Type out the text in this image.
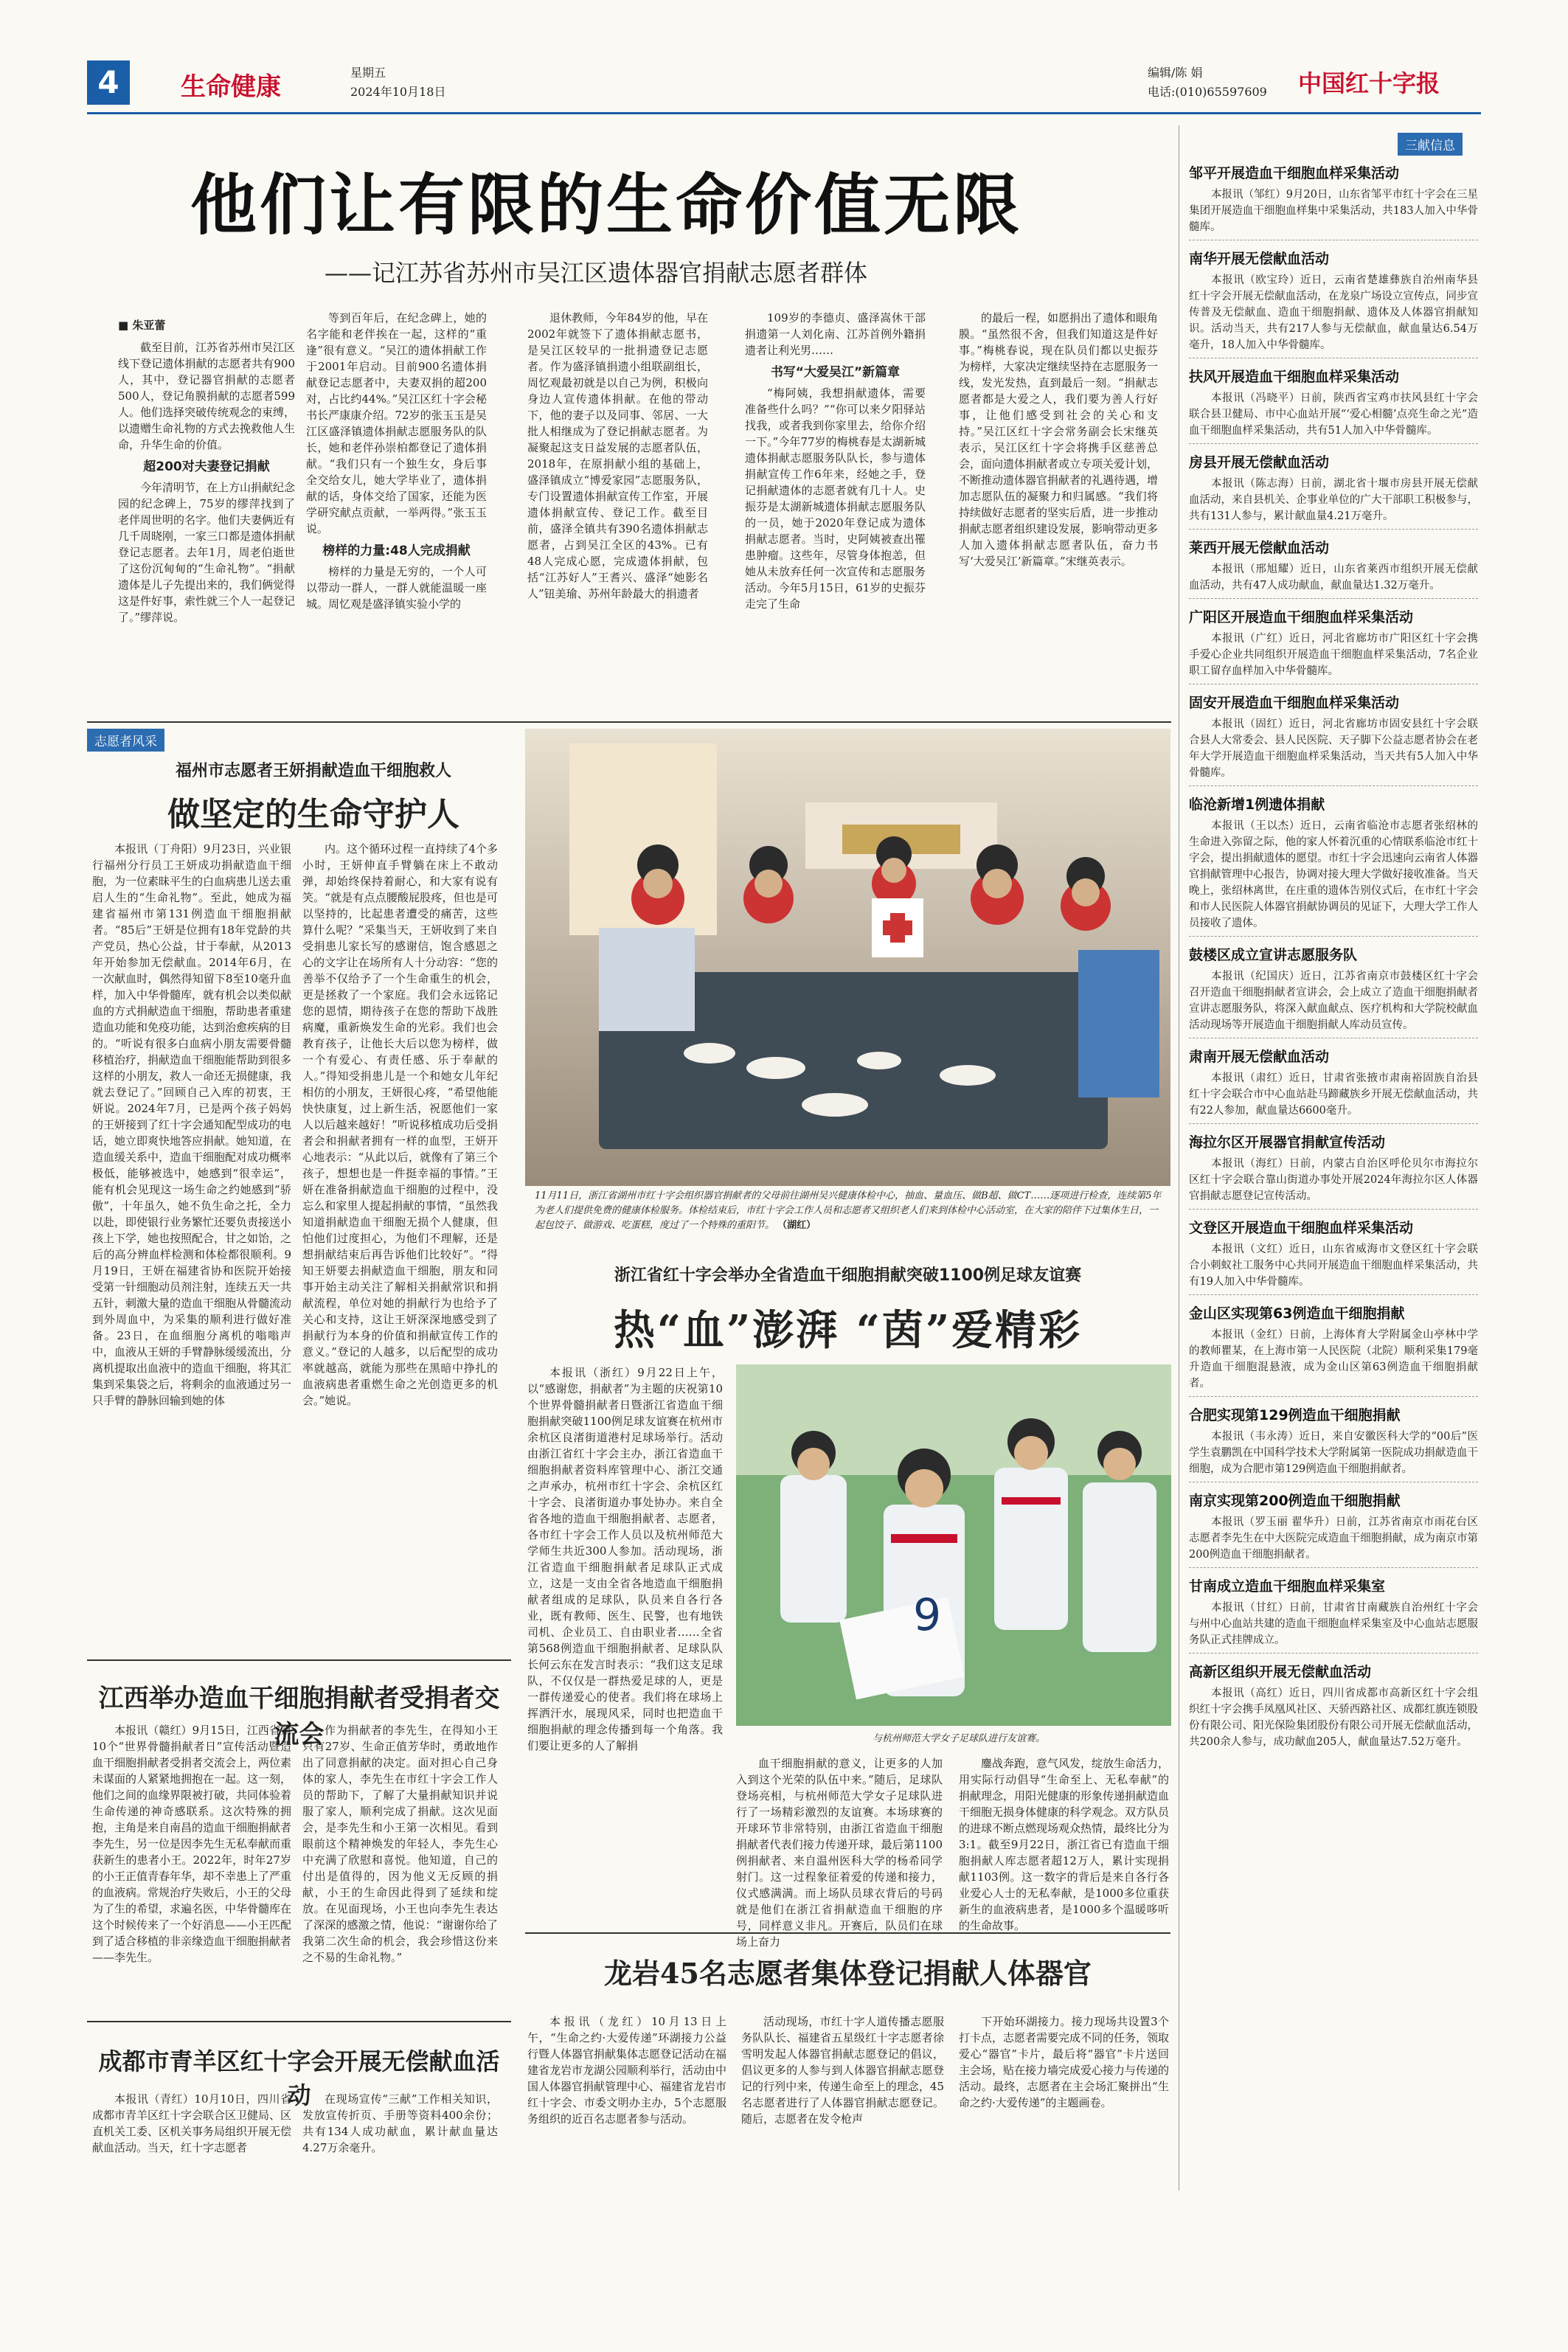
4	生命健康	星期五
2024年10月18日
编辑/陈 娟
电话:(010)65597609 中国红十字报
他们让有限的生命价值无限
——记江苏省苏州市吴江区遗体器官捐献志愿者群体
■ 朱亚蕾

截至目前，江苏省苏州市吴江区线下登记遗体捐献的志愿者共有900人，其中，登记器官捐献的志愿者500人，登记角膜捐献的志愿者599人。他们选择突破传统观念的束缚，以遗赠生命礼物的方式去挽救他人生命，升华生命的价值。

超200对夫妻登记捐献

今年清明节，在上方山捐献纪念园的纪念碑上，75岁的缪萍找到了老伴周世明的名字。他们夫妻俩近有几千周晓刚，一家三口都是遗体捐献登记志愿者。去年1月，周老伯逝世了这份沉甸甸的“生命礼物”。“捐献遗体是儿子先提出来的，我们俩觉得这是件好事，索性就三个人一起登记了。”缪萍说。

等到百年后，在纪念碑上，她的名字能和老伴挨在一起，这样的“重逢”很有意义。“吴江的遗体捐献工作于2001年启动。目前900名遗体捐献登记志愿者中，夫妻双捐的超200对，占比约44%。”吴江区红十字会秘书长严康康介绍。72岁的张玉玉是吴江区盛泽镇遗体捐献志愿服务队的队长，她和老伴孙崇柏都登记了遗体捐献。“我们只有一个独生女，身后事全交给女儿，她大学毕业了，遗体捐献的话，身体交给了国家，还能为医学研究献点贡献，一举两得。”张玉玉说。

榜样的力量:48人完成捐献

榜样的力量是无穷的，一个人可以带动一群人，一群人就能温暖一座城。周忆观是盛泽镇实验小学的

退休教师，今年84岁的他，早在2002年就签下了遗体捐献志愿书，是吴江区较早的一批捐遗登记志愿者。作为盛泽镇捐遗小组联副组长，周忆观最初就是以自己为例，积极向身边人宣传遗体捐献。在他的带动下，他的妻子以及同事、邻居、一大批人相继成为了登记捐献志愿者。为凝聚起这支日益发展的志愿者队伍，2018年，在原捐献小组的基础上，盛泽镇成立“博爱家园”志愿服务队，专门设置遗体捐献宣传工作室，开展遗体捐献宣传、登记工作。截至目前，盛泽全镇共有390名遗体捐献志愿者，占到吴江全区的43%。已有48人完成心愿，完成遗体捐献，包括“江苏好人”王耆兴、盛泽“她影名人”钮美瑜、苏州年龄最大的捐遗者

109岁的李德贞、盛泽嵩休干部捐遗第一人刘化南、江苏首例外籍捐遗者让利光男……

书写“大爱吴江”新篇章

“梅阿姨，我想捐献遗体，需要准备些什么吗？”“你可以来夕阳驿站找我，或者我到你家里去，给你介绍一下。”今年77岁的梅桃春是太湖新城遗体捐献志愿服务队队长，参与遗体捐献宣传工作6年来，经她之手，登记捐献遗体的志愿者就有几十人。史振芬是太湖新城遗体捐献志愿服务队的一员，她于2020年登记成为遗体捐献志愿者。当时，史阿姨被查出罹患肿瘤。这些年，尽管身体抱恙，但她从未放弃任何一次宣传和志愿服务活动。今年5月15日，61岁的史振芬走完了生命

的最后一程，如愿捐出了遗体和眼角膜。“虽然很不舍，但我们知道这是件好事。”梅桃春说，现在队员们都以史振芬为榜样，大家决定继续坚持在志愿服务一线，发光发热，直到最后一刻。“捐献志愿者都是大爱之人，我们要为善人行好事，让他们感受到社会的关心和支持。”吴江区红十字会常务副会长宋继英表示，吴江区红十字会将携手区慈善总会，面向遗体捐献者或立专项关爱计划，不断推动遗体器官捐献者的礼遇待遇，增加志愿队伍的凝聚力和归属感。“我们将持续做好志愿者的坚实后盾，进一步推动捐献志愿者组织建设发展，影响带动更多人加入遗体捐献志愿者队伍，奋力书写‘大爱吴江’新篇章。”宋继英表示。

志愿者风采
福州市志愿者王妍捐献造血干细胞救人
做坚定的生命守护人

本报讯（丁舟阳）9月23日，兴业银行福州分行员工王妍成功捐献造血干细胞，为一位素昧平生的白血病患儿送去重启人生的“生命礼物”。至此，她成为福建省福州市第131例造血干细胞捐献者。“85后”王妍是位拥有18年党龄的共产党员，热心公益，甘于奉献，从2013年开始参加无偿献血。2014年6月，在一次献血时，偶然得知留下8至10毫升血样，加入中华骨髓库，就有机会以类似献血的方式捐献造血干细胞，帮助患者重建造血功能和免疫功能，达到治愈疾病的目的。“听说有很多白血病小朋友需要骨髓移植治疗，捐献造血干细胞能帮助到很多这样的小朋友，救人一命还无损健康，我就去登记了。”回顾自己入库的初衷，王妍说。2024年7月，已是两个孩子妈妈的王妍接到了红十字会通知配型成功的电话，她立即爽快地答应捐献。她知道，在造血缓关系中，造血干细胞配对成功概率极低，能够被选中，她感到“很幸运”，能有机会见现这一场生命之约她感到“骄傲”，十年虽久，她不负生命之托，全力以赴，即使银行业务繁忙还要负责接送小孩上下学，她也按照配合，甘之如饴，之后的高分辨血样检测和体检都很顺利。9月19日，王妍在福建省协和医院开始接受第一针细胞动员剂注射，连续五天一共五针，刺激大量的造血干细胞从骨髓流动到外周血中，为采集的顺利进行做好准备。23日，在血细胞分离机的嗡嗡声中，血液从王妍的手臂静脉缓缓流出，分离机提取出血液中的造血干细胞，将其汇集到采集袋之后，将剩余的血液通过另一只手臂的静脉回输到她的体

内。这个循环过程一直持续了4个多小时，王妍伸直手臂躺在床上不敢动弹，却始终保持着耐心，和大家有说有笑。“就是有点点腰酸屁股疼，但也是可以坚持的，比起患者遭受的痛苦，这些算什么呢？”采集当天，王妍收到了来自受捐患儿家长写的感谢信，饱含感恩之心的文字让在场所有人十分动容：“您的善举不仅给予了一个生命重生的机会，更是拯救了一个家庭。我们会永远铭记您的恩情，期待孩子在您的帮助下战胜病魔，重新焕发生命的光彩。我们也会教育孩子，让他长大后以您为榜样，做一个有爱心、有责任感、乐于奉献的人。”得知受捐患儿是一个和她女儿年纪相仿的小朋友，王妍很心疼，“希望他能快快康复，过上新生活，祝愿他们一家人以后越来越好！”听说移植成功后受捐者会和捐献者拥有一样的血型，王妍开心地表示：“从此以后，就像有了第三个孩子，想想也是一件挺幸福的事情。”王妍在准备捐献造血干细胞的过程中，没忘么和家里人提起捐献的事情，“虽然我知道捐献造血干细胞无损个人健康，但怕他们过度担心，为他们不理解，还是想捐献结束后再告诉他们比较好”。“得知王妍要去捐献造血干细胞，朋友和同事开始主动关注了解相关捐献常识和捐献流程，单位对她的捐献行为也给予了关心和支持，这让王妍深深地感受到了捐献行为本身的价值和捐献宣传工作的意义。”登记的人越多，以后配型的成功率就越高，就能为那些在黑暗中挣扎的血液病患者重燃生命之光创造更多的机会。”她说。

11月11日，浙江省湖州市红十字会组织器官捐献者的父母前往湖州吴兴健康体检中心，抽血、量血压、做B超、做CT……逐项进行检查，连续第5年为老人们提供免费的健康体检服务。体检结束后，市红十字会工作人员和志愿者又组织老人们来到体检中心活动室，在大家的陪伴下过集体生日，一起包饺子、做游戏、吃蛋糕，度过了一个特殊的重阳节。 （湖红）
浙江省红十字会举办全省造血干细胞捐献突破1100例足球友谊赛
热“血”澎湃 “茵”爱精彩

本报讯（浙红）9月22日上午，以“感谢您，捐献者”为主题的庆祝第10个世界骨髓捐献者日暨浙江省造血干细胞捐献突破1100例足球友谊赛在杭州市余杭区良渚街道港村足球场举行。活动由浙江省红十字会主办，浙江省造血干细胞捐献者资料库管理中心、浙江交通之声承办，杭州市红十字会、余杭区红十字会、良渚街道办事处协办。来自全省各地的造血干细胞捐献者、志愿者，各市红十字会工作人员以及杭州师范大学师生共近300人参加。活动现场，浙江省造血干细胞捐献者足球队正式成立，这是一支由全省各地造血干细胞捐献者组成的足球队，队员来自各行各业，既有教师、医生、民警，也有地铁司机、企业员工、自由职业者……全省第568例造血干细胞捐献者、足球队队长何云东在发言时表示：“我们这支足球队，不仅仅是一群热爱足球的人，更是一群传递爱心的使者。我们将在球场上挥洒汗水，展现风采，同时也把造血干细胞捐献的理念传播到每一个角落。我们要让更多的人了解捐

9
与杭州师范大学女子足球队进行友谊赛。

血干细胞捐献的意义，让更多的人加入到这个光荣的队伍中来。”随后，足球队登场亮相，与杭州师范大学女子足球队进行了一场精彩激烈的友谊赛。本场球赛的开球环节非常特别，由浙江省造血干细胞捐献者代表们接力传递开球，最后第1100例捐献者、来自温州医科大学的杨希同学射门。这一过程象征着爱的传递和接力，仪式感满满。而上场队员球衣背后的号码就是他们在浙江省捐献造血干细胞的序号，同样意义非凡。开赛后，队员们在球场上奋力

鏖战奔跑，意气风发，绽放生命活力，用实际行动倡导“生命至上、无私奉献”的捐献理念，用阳光健康的形象传递捐献造血干细胞无损身体健康的科学观念。双方队员的进球不断点燃现场观众热情，最终比分为3:1。截至9月22日，浙江省已有造血干细胞捐献人库志愿者超12万人，累计实现捐献1103例。这一数字的背后是来自各行各业爱心人士的无私奉献，是1000多位重获新生的血液病患者，是1000多个温暖哆听的生命故事。

江西举办造血干细胞捐献者受捐者交流会

本报讯（赣红）9月15日，江西省第10个“世界骨髓捐献者日”宣传活动暨造血干细胞捐献者受捐者交流会上，两位素未谋面的人紧紧地拥抱在一起。这一刻，他们之间的血缘界限被打破，共同体验着生命传递的神奇感联系。这次特殊的拥抱，主角是来自南昌的造血干细胞捐献者李先生，另一位是因李先生无私奉献而重获新生的患者小王。2022年，时年27岁的小王正值青春年华，却不幸患上了严重的血液病。常规治疗失败后，小王的父母为了生的希望，求遍名医，中华骨髓库在这个时候传来了一个好消息——小王匹配到了适合移植的非亲缘造血干细胞捐献者——李先生。

作为捐献者的李先生，在得知小王只有27岁、生命正值芳华时，勇敢地作出了同意捐献的决定。面对担心自己身体的家人，李先生在市红十字会工作人员的帮助下，了解了大量捐献知识并说服了家人，顺利完成了捐献。这次见面会，是李先生和小王第一次相见。看到眼前这个精神焕发的年轻人，李先生心中充满了欣慰和喜悦。他知道，自己的付出是值得的，因为他义无反顾的捐献，小王的生命因此得到了延续和绽放。在见面现场，小王也向李先生表达了深深的感激之情，他说：“谢谢你给了我第二次生命的机会，我会珍惜这份来之不易的生命礼物。”

成都市青羊区红十字会开展无偿献血活动

本报讯（青红）10月10日，四川省成都市青羊区红十字会联合区卫健局、区直机关工委、区机关事务局组织开展无偿献血活动。当天，红十字志愿者

在现场宣传“三献”工作相关知识，发放宣传折页、手册等资料400余份；共有134人成功献血，累计献血量达4.27万余毫升。

龙岩45名志愿者集体登记捐献人体器官

本报讯（龙红）10月13日上午，“生命之约·大爱传递”环湖接力公益行暨人体器官捐献集体志愿登记活动在福建省龙岩市龙湖公园顺利举行，活动由中国人体器官捐献管理中心、福建省龙岩市红十字会、市委文明办主办，5个志愿服务组织的近百名志愿者参与活动。

活动现场，市红十字人道传播志愿服务队队长、福建省五星级红十字志愿者徐雪明发起人体器官捐献志愿登记的倡议，倡议更多的人参与到人体器官捐献志愿登记的行列中来，传递生命至上的理念，45名志愿者进行了人体器官捐献志愿登记。随后，志愿者在发令枪声

下开始环湖接力。接力现场共设置3个打卡点，志愿者需要完成不同的任务，领取爱心“器官”卡片，最后将“器官”卡片送回主会场，贴在接力墙完成爱心接力与传递的活动。最终，志愿者在主会场汇聚拼出“生命之约·大爱传递”的主题画卷。

三献信息
邹平开展造血干细胞血样采集活动

本报讯（邹红）9月20日，山东省邹平市红十字会在三星集团开展造血干细胞血样集中采集活动，共183人加入中华骨髓库。

南华开展无偿献血活动

本报讯（欧宝玲）近日，云南省楚雄彝族自治州南华县红十字会开展无偿献血活动，在龙泉广场设立宣传点，同步宣传普及无偿献血、造血干细胞捐献、遗体及人体器官捐献知识。活动当天，共有217人参与无偿献血，献血量达6.54万毫升，18人加入中华骨髓库。

扶风开展造血干细胞血样采集活动

本报讯（冯晓平）日前，陕西省宝鸡市扶风县红十字会联合县卫健局、市中心血站开展“‘爱心相髓’点亮生命之光”造血干细胞血样采集活动，共有51人加入中华骨髓库。

房县开展无偿献血活动

本报讯（陈志海）日前，湖北省十堰市房县开展无偿献血活动，来自县机关、企事业单位的广大干部职工积极参与，共有131人参与，累计献血量4.21万毫升。

莱西开展无偿献血活动

本报讯（邢旭耀）近日，山东省莱西市组织开展无偿献血活动，共有47人成功献血，献血量达1.32万毫升。

广阳区开展造血干细胞血样采集活动

本报讯（广红）近日，河北省廊坊市广阳区红十字会携手爱心企业共同组织开展造血干细胞血样采集活动，7名企业职工留存血样加入中华骨髓库。

固安开展造血干细胞血样采集活动

本报讯（固红）近日，河北省廊坊市固安县红十字会联合县人大常委会、县人民医院、天子脚下公益志愿者协会在老年大学开展造血干细胞血样采集活动，当天共有5人加入中华骨髓库。

临沧新增1例遗体捐献

本报讯（王以杰）近日，云南省临沧市志愿者张绍林的生命进入弥留之际，他的家人怀着沉重的心情联系临沧市红十字会，提出捐献遗体的愿望。市红十字会迅速向云南省人体器官捐献管理中心报告，协调对接大理大学做好接收准备。当天晚上，张绍林离世，在庄重的遗体告别仪式后，在市红十字会和市人民医院人体器官捐献协调员的见证下，大理大学工作人员接收了遗体。

鼓楼区成立宣讲志愿服务队

本报讯（纪国庆）近日，江苏省南京市鼓楼区红十字会召开造血干细胞捐献者宣讲会，会上成立了造血干细胞捐献者宣讲志愿服务队，将深入献血献点、医疗机构和大学院校献血活动现场等开展造血干细胞捐献人库动员宣传。

肃南开展无偿献血活动

本报讯（肃红）近日，甘肃省张掖市肃南裕固族自治县红十字会联合市中心血站赴马蹄藏族乡开展无偿献血活动，共有22人参加，献血量达6600毫升。

海拉尔区开展器官捐献宣传活动

本报讯（海红）日前，内蒙古自治区呼伦贝尔市海拉尔区红十字会联合靠山街道办事处开展2024年海拉尔区人体器官捐献志愿登记宣传活动。

文登区开展造血干细胞血样采集活动

本报讯（文红）近日，山东省威海市文登区红十字会联合小刺蚁社工服务中心共同开展造血干细胞血样采集活动，共有19人加入中华骨髓库。

金山区实现第63例造血干细胞捐献

本报讯（金红）日前，上海体育大学附属金山亭林中学的教师瞿某，在上海市第一人民医院（北院）顺利采集179毫升造血干细胞混悬液，成为金山区第63例造血干细胞捐献者。

合肥实现第129例造血干细胞捐献

本报讯（韦永涛）近日，来自安徽医科大学的“00后”医学生袁鹏凯在中国科学技术大学附属第一医院成功捐献造血干细胞，成为合肥市第129例造血干细胞捐献者。

南京实现第200例造血干细胞捐献

本报讯（罗玉丽 翟华升）日前，江苏省南京市雨花台区志愿者李先生在中大医院完成造血干细胞捐献，成为南京市第200例造血干细胞捐献者。

甘南成立造血干细胞血样采集室

本报讯（甘红）日前，甘肃省甘南藏族自治州红十字会与州中心血站共建的造血干细胞血样采集室及中心血站志愿服务队正式挂牌成立。

高新区组织开展无偿献血活动

本报讯（高红）近日，四川省成都市高新区红十字会组织红十字会携手凤凰风社区、天骄西路社区、成都红旗连锁股份有限公司、阳光保险集团股份有限公司开展无偿献血活动，共200余人参与，成功献血205人，献血量达7.52万毫升。
